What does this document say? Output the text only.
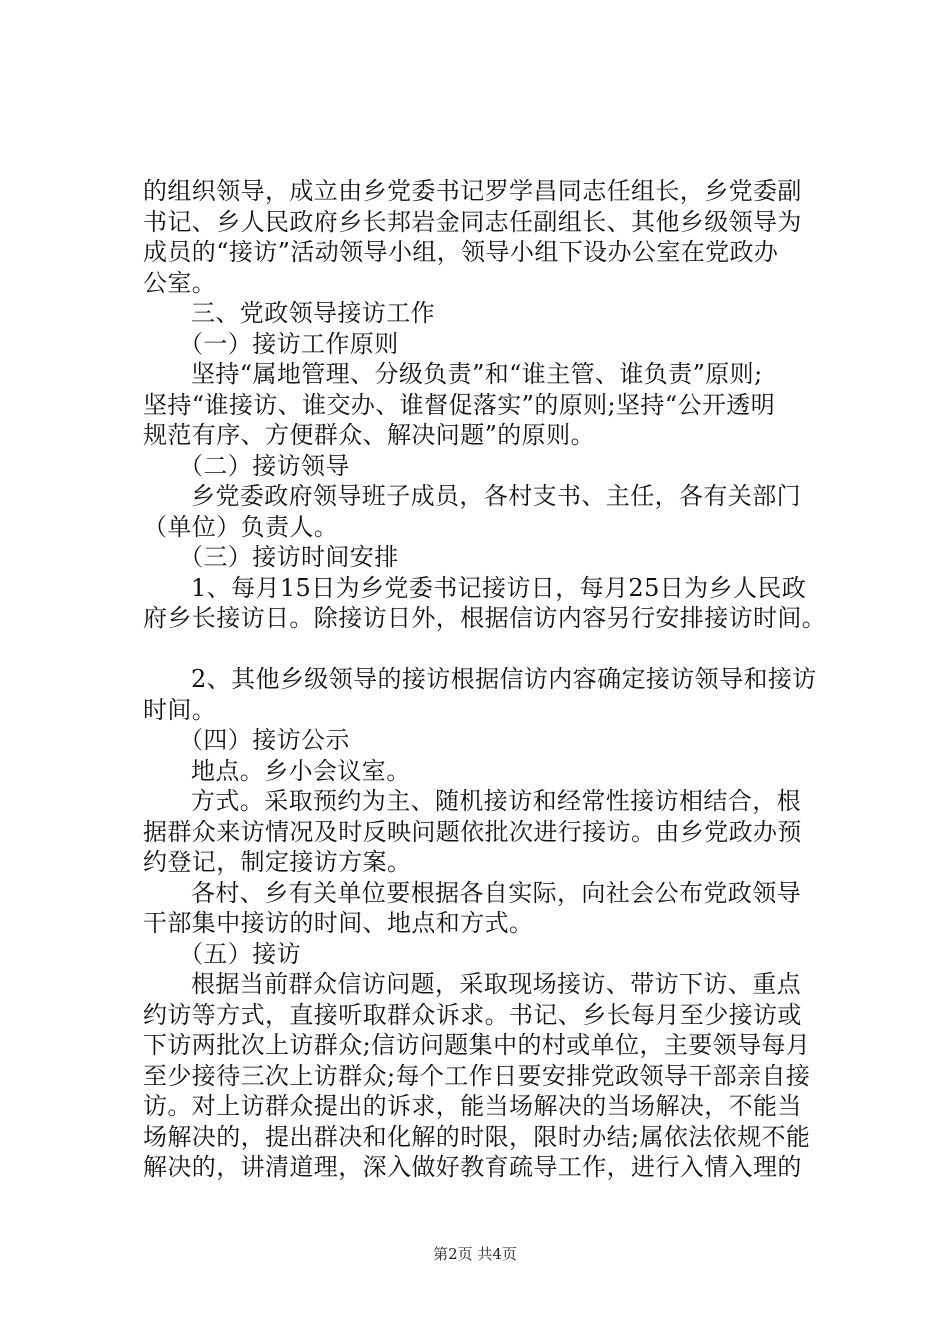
的组织领导，成立由乡党委书记罗学昌同志任组长，乡党委副
书记、乡人民政府乡长邦岩金同志任副组长、其他乡级领导为
成员的“接访”活动领导小组，领导小组下设办公室在党政办
公室。
三、党政领导接访工作
（一）接访工作原则
坚持“属地管理、分级负责”和“谁主管、谁负责”原则;
坚持“谁接访、谁交办、谁督促落实”的原则;坚持“公开透明
规范有序、方便群众、解决问题”的原则。
（二）接访领导
乡党委政府领导班子成员，各村支书、主任，各有关部门
（单位）负责人。
（三）接访时间安排
1、每月15日为乡党委书记接访日，每月25日为乡人民政
府乡长接访日。除接访日外，根据信访内容另行安排接访时间。
2、其他乡级领导的接访根据信访内容确定接访领导和接访
时间。
（四）接访公示
地点。乡小会议室。
方式。采取预约为主、随机接访和经常性接访相结合，根
据群众来访情况及时反映问题依批次进行接访。由乡党政办预
约登记，制定接访方案。
各村、乡有关单位要根据各自实际，向社会公布党政领导
干部集中接访的时间、地点和方式。
（五）接访
根据当前群众信访问题，采取现场接访、带访下访、重点
约访等方式，直接听取群众诉求。书记、乡长每月至少接访或
下访两批次上访群众;信访问题集中的村或单位，主要领导每月
至少接待三次上访群众;每个工作日要安排党政领导干部亲自接
访。对上访群众提出的诉求，能当场解决的当场解决，不能当
场解决的，提出群决和化解的时限，限时办结;属依法依规不能
解决的，讲清道理，深入做好教育疏导工作，进行入情入理的
第2页 共4页
